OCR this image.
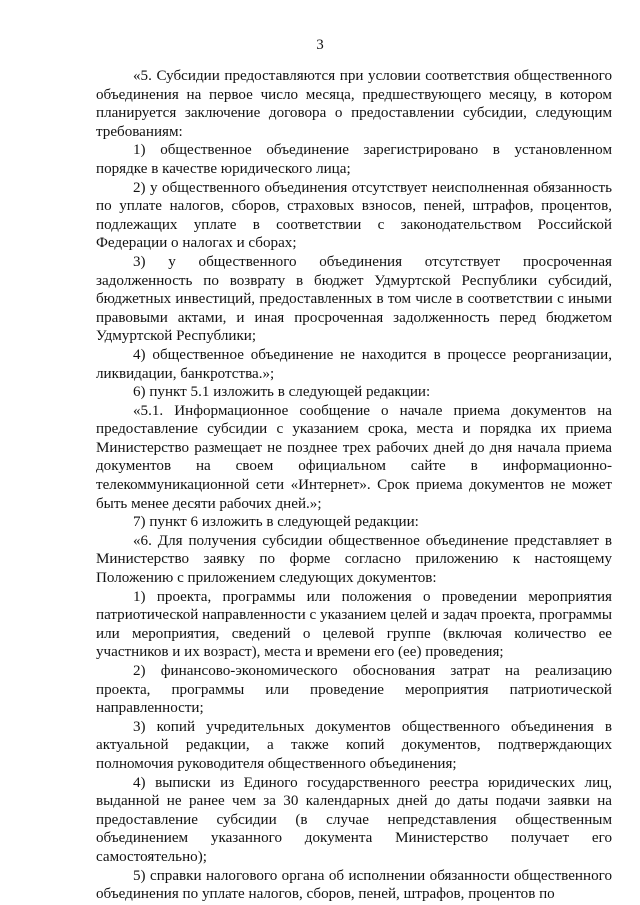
3

«5. Субсидии предоставляются при условии соответствия общественного объединения на первое число месяца, предшествующего месяцу, в котором планируется заключение договора о предоставлении субсидии, следующим требованиям:

1) общественное объединение зарегистрировано в установленном порядке в качестве юридического лица;

2) у общественного объединения отсутствует неисполненная обязанность по уплате налогов, сборов, страховых взносов, пеней, штрафов, процентов, подлежащих уплате в соответствии с законодательством Российской Федерации о налогах и сборах;

3) у общественного объединения отсутствует просроченная задолженность по возврату в бюджет Удмуртской Республики субсидий, бюджетных инвестиций, предоставленных в том числе в соответствии с иными правовыми актами, и иная просроченная задолженность перед бюджетом Удмуртской Республики;

4) общественное объединение не находится в процессе реорганизации, ликвидации, банкротства.»;

6) пункт 5.1 изложить в следующей редакции:

«5.1. Информационное сообщение о начале приема документов на предоставление субсидии с указанием срока, места и порядка их приема Министерство размещает не позднее трех рабочих дней до дня начала приема документов на своем официальном сайте в информационно-телекоммуникационной сети «Интернет». Срок приема документов не может быть менее десяти рабочих дней.»;

7) пункт 6 изложить в следующей редакции:

«6. Для получения субсидии общественное объединение представляет в Министерство заявку по форме согласно приложению к настоящему Положению с приложением следующих документов:

1) проекта, программы или положения о проведении мероприятия патриотической направленности с указанием целей и задач проекта, программы или мероприятия, сведений о целевой группе (включая количество ее участников и их возраст), места и времени его (ее) проведения;

2) финансово-экономического обоснования затрат на реализацию проекта, программы или проведение мероприятия патриотической направленности;

3) копий учредительных документов общественного объединения в актуальной редакции, а также копий документов, подтверждающих полномочия руководителя общественного объединения;

4) выписки из Единого государственного реестра юридических лиц, выданной не ранее чем за 30 календарных дней до даты подачи заявки на предоставление субсидии (в случае непредставления общественным объединением указанного документа Министерство получает его самостоятельно);

5) справки налогового органа об исполнении обязанности общественного объединения по уплате налогов, сборов, пеней, штрафов, процентов по
